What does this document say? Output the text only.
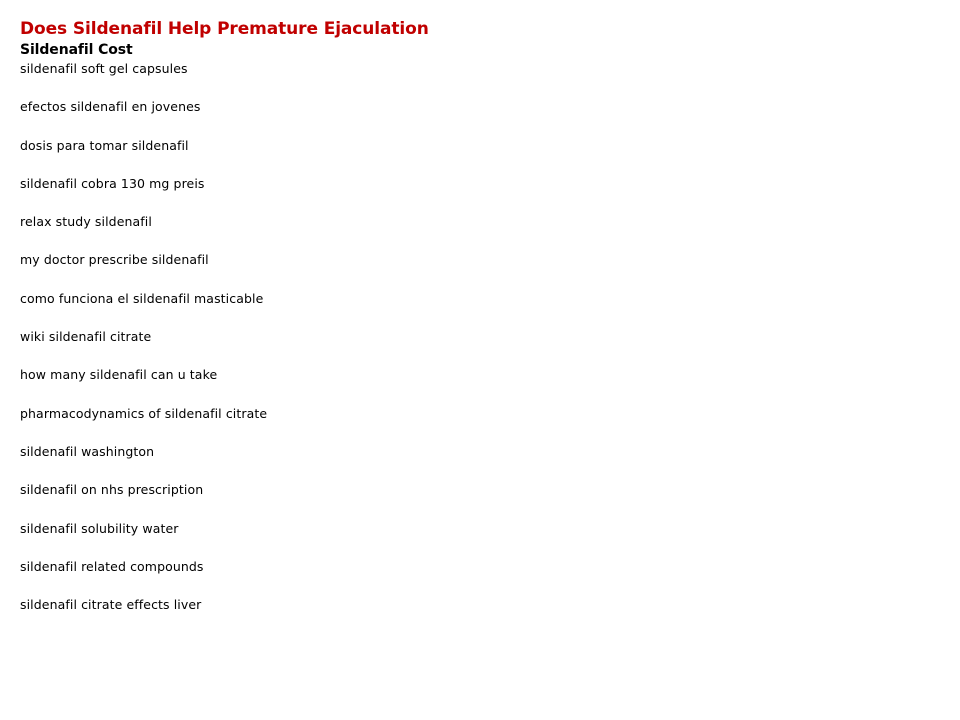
Does Sildenafil Help Premature Ejaculation
Sildenafil Cost
sildenafil soft gel capsules
efectos sildenafil en jovenes
dosis para tomar sildenafil
sildenafil cobra 130 mg preis
relax study sildenafil
my doctor prescribe sildenafil
como funciona el sildenafil masticable
wiki sildenafil citrate
how many sildenafil can u take
pharmacodynamics of sildenafil citrate
sildenafil washington
sildenafil on nhs prescription
sildenafil solubility water
sildenafil related compounds
sildenafil citrate effects liver
